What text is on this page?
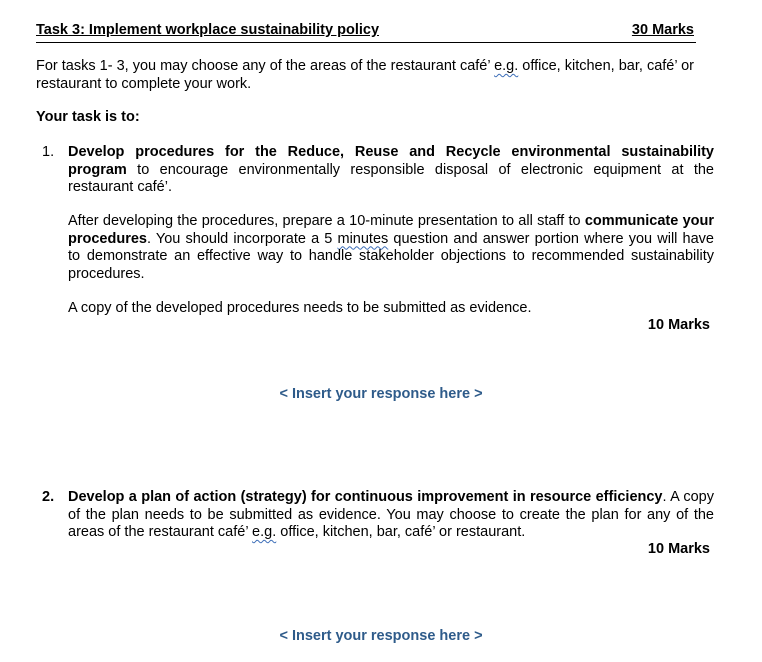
Task 3: Implement workplace sustainability policy	30 Marks
For tasks 1- 3, you may choose any of the areas of the restaurant café’ e.g. office, kitchen, bar, café’ or restaurant to complete your work.
Your task is to:
1. Develop procedures for the Reduce, Reuse and Recycle environmental sustainability program to encourage environmentally responsible disposal of electronic equipment at the restaurant café’.
After developing the procedures, prepare a 10-minute presentation to all staff to communicate your procedures. You should incorporate a 5 minutes question and answer portion where you will have to demonstrate an effective way to handle stakeholder objections to recommended sustainability procedures.
A copy of the developed procedures needs to be submitted as evidence.
10 Marks
< Insert your response here >
2. Develop a plan of action (strategy) for continuous improvement in resource efficiency. A copy of the plan needs to be submitted as evidence. You may choose to create the plan for any of the areas of the restaurant café’ e.g. office, kitchen, bar, café’ or restaurant.
10 Marks
< Insert your response here >
